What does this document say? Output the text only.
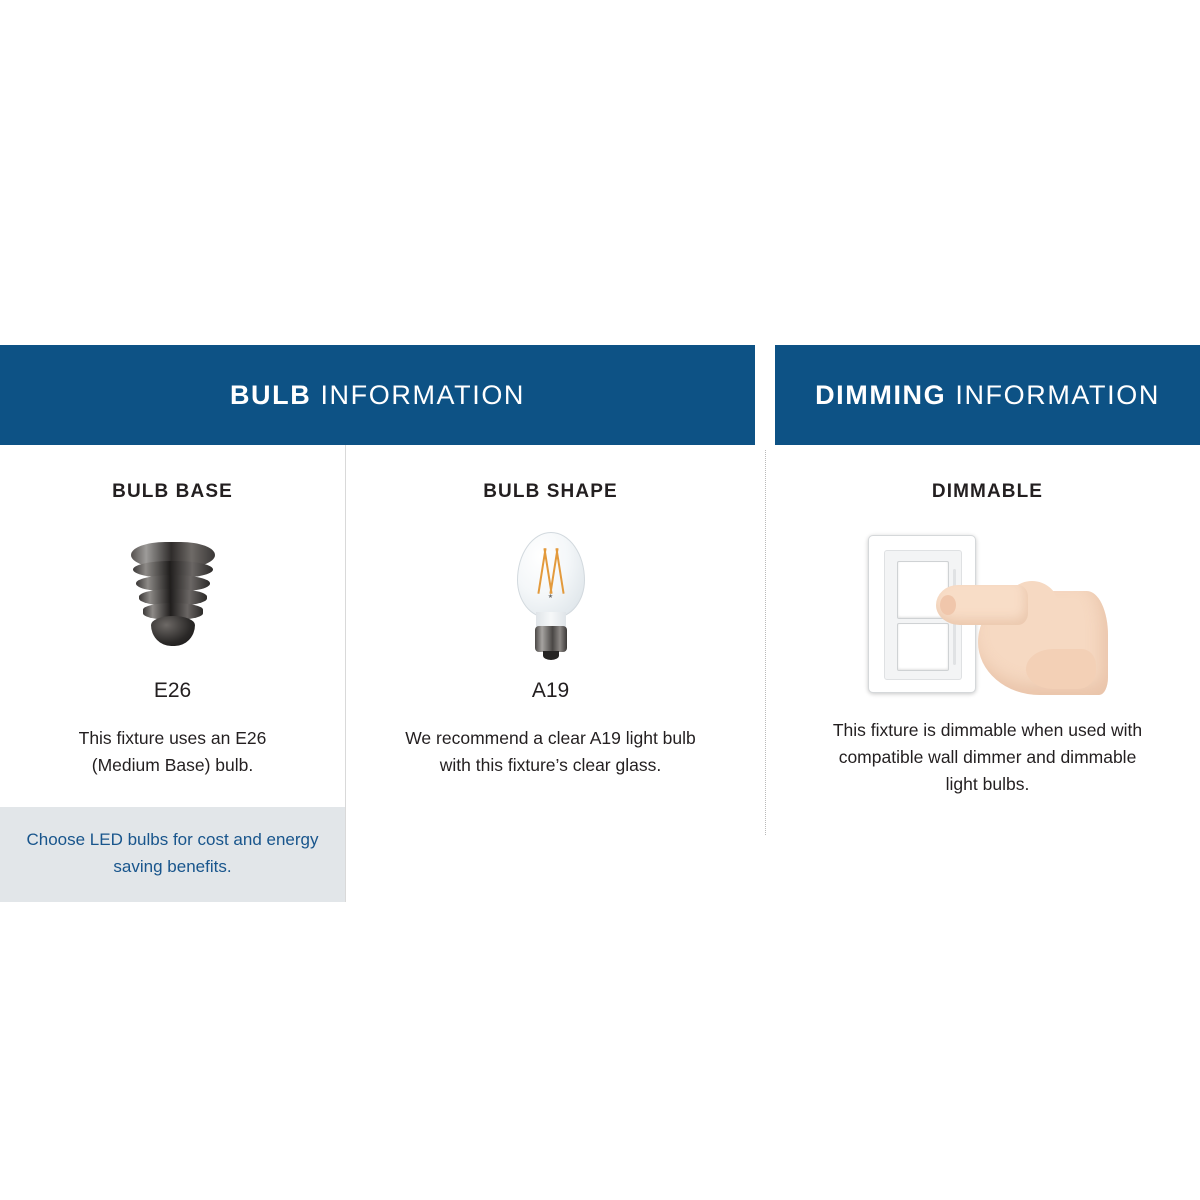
BULB INFORMATION
BULB BASE
E26

This fixture uses an E26 (Medium Base) bulb.

Choose LED bulbs for cost and energy saving benefits.
BULB SHAPE
★
A19

We recommend a clear A19 light bulb with this fixture’s clear glass.

DIMMING INFORMATION
DIMMABLE

This fixture is dimmable when used with compatible wall dimmer and dimmable light bulbs.
